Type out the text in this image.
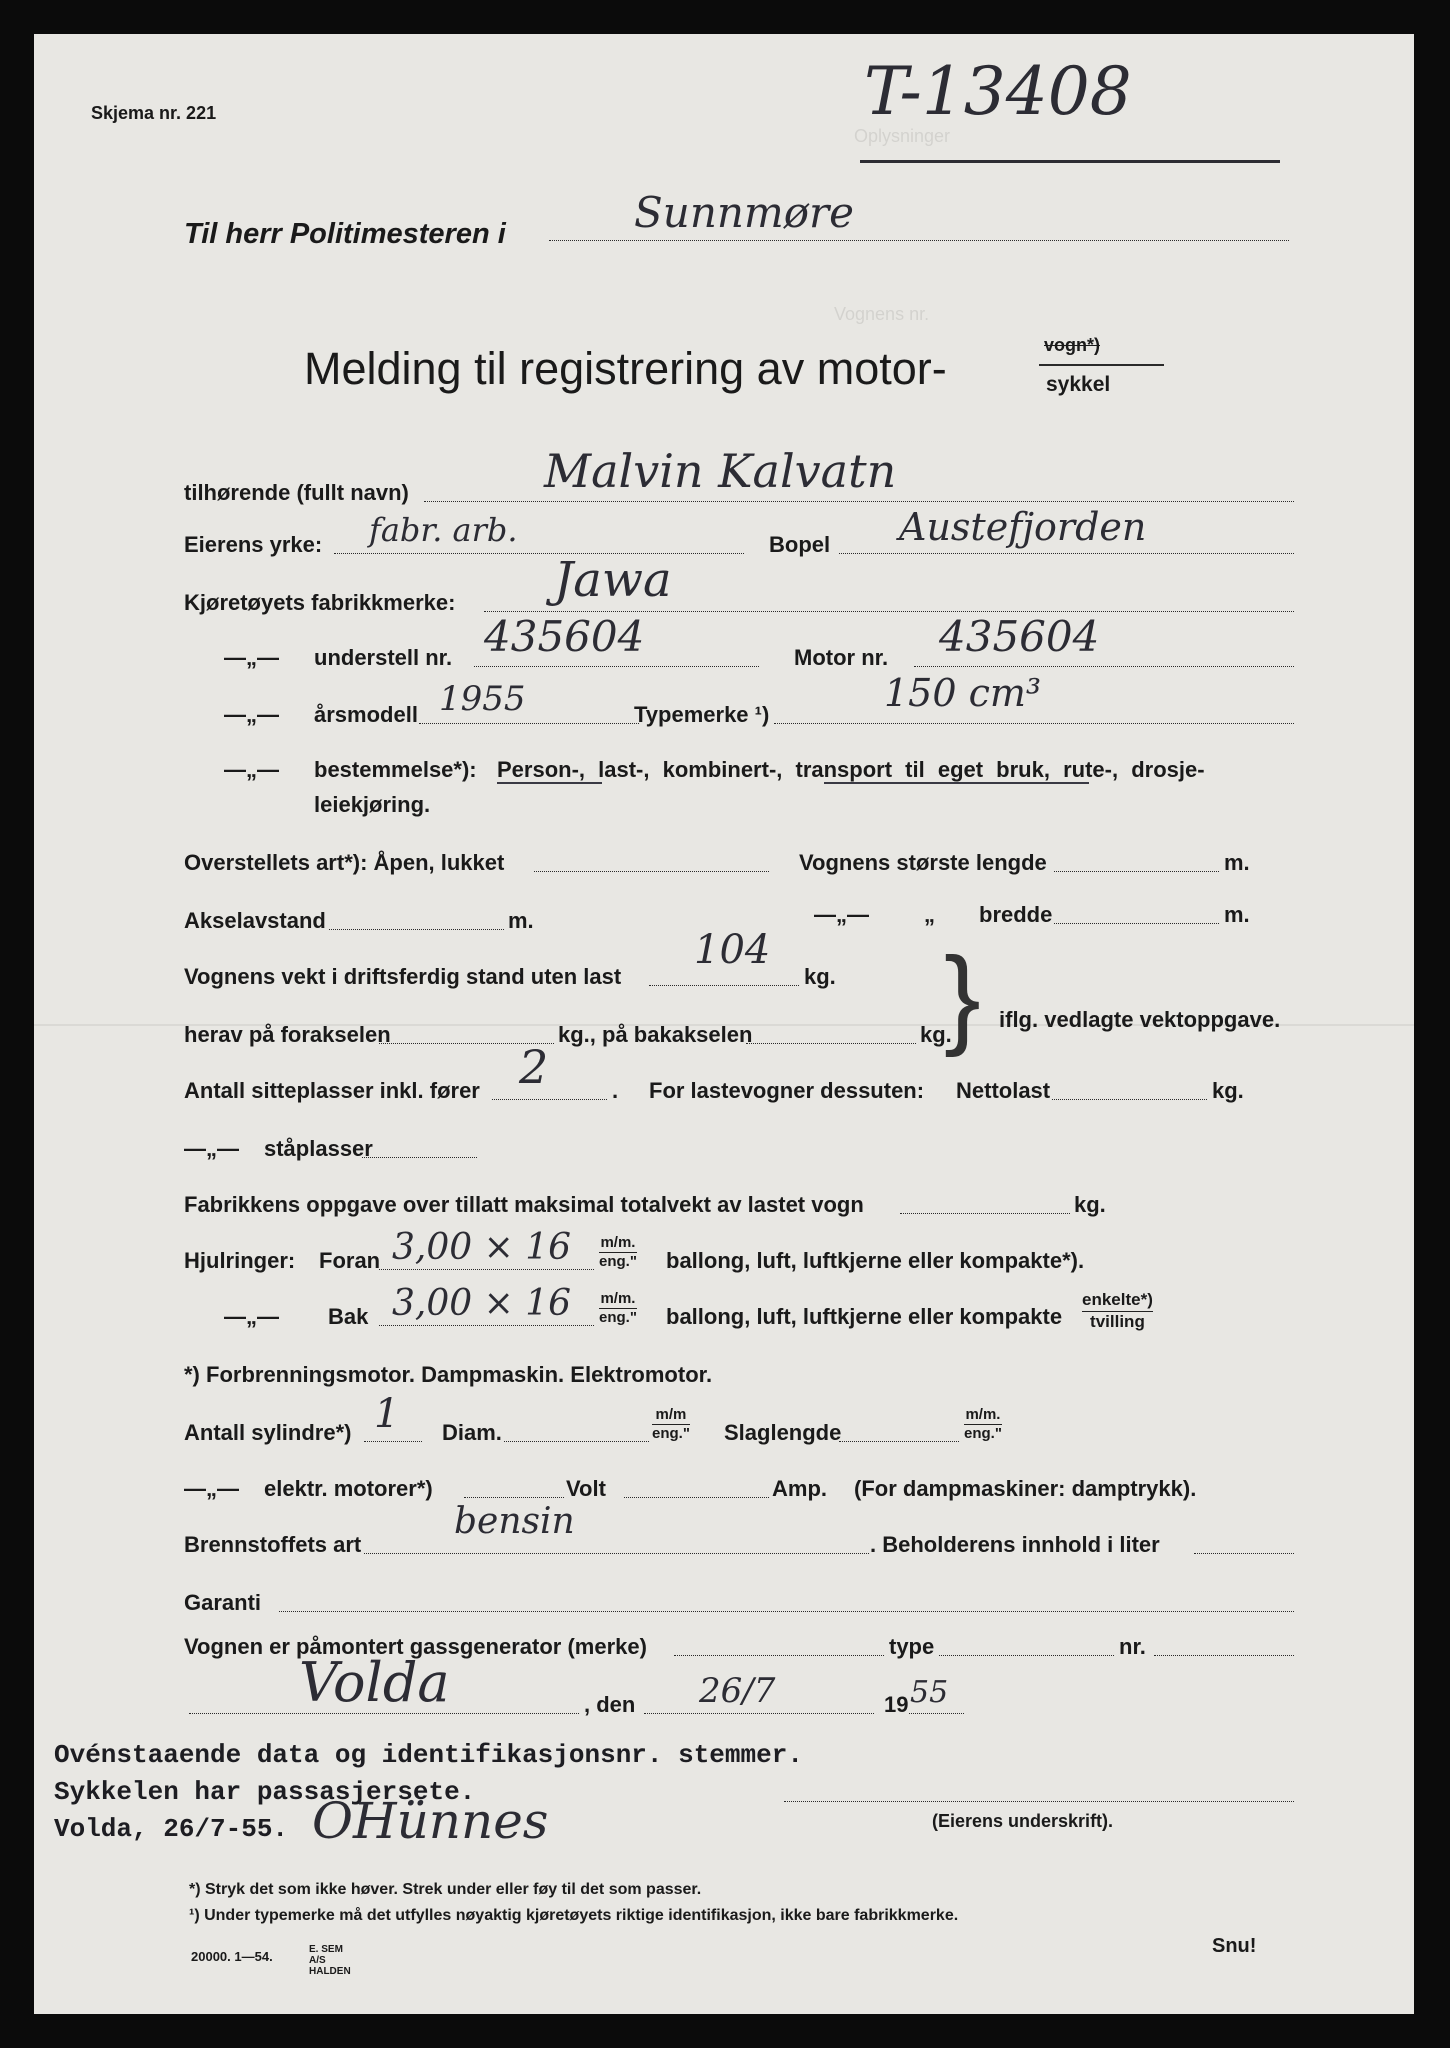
Oplysninger
Vognens nr.
Skjema nr. 221	T-13408
Til herr Politimesteren i	Sunnmøre
Melding til registrering av motor-	vogn*)
sykkel
tilhørende (fullt navn)	Malvin Kalvatn
Eierens yrke: fabr. arb.	Bopel Austefjorden
Kjøretøyets fabrikkmerke: Jawa
—„— understell nr. 435604	Motor nr. 435604
—„— årsmodell 1955	Typemerke ¹)	150 cm³
—„— bestemmelse*): Person-, last-, kombinert-, transport til eget bruk, rute-, drosje-
leiekjøring.
Overstellets art*): Åpen, lukket	Vognens største lengde	m.
Akselavstand	m.	—„—	„ bredde	m.
Vognens vekt i driftsferdig stand uten last
104
kg.
herav på forakselen	kg., på bakakselen	kg.
} iflg. vedlagte vektoppgave.
Antall sitteplasser inkl. fører 2	. For lastevogner dessuten: Nettolast	kg.
—„— ståplasser
Fabrikkens oppgave over tillatt maksimal totalvekt av lastet vogn	kg.
Hjulringer: Foran 3,00 × 16 m/m.
eng." ballong, luft, luftkjerne eller kompakte*).
—„— Bak 3,00 × 16 m/m.
eng." ballong, luft, luftkjerne eller kompakte
enkelte*)
tvilling
*) Forbrenningsmotor. Dampmaskin. Elektromotor.
Antall sylindre*) 1 Diam.
m/m
eng." Slaglengde
m/m.
eng."
—„— elektr. motorer*)	Volt	Amp. (For dampmaskiner: damptrykk).
Brennstoffets art
bensin
. Beholderens innhold i liter
Garanti
Vognen er påmontert gassgenerator (merke)	type	nr.
Volda	, den 26/7	19 55
Ovénstaaende data og identifikasjonsnr. stemmer.
Sykkelen har passasjersete.
Volda, 26/7-55. OHünnes	(Eierens underskrift).
*) Stryk det som ikke høver. Strek under eller føy til det som passer.
¹) Under typemerke må det utfylles nøyaktig kjøretøyets riktige identifikasjon, ikke bare fabrikkmerke.
20000. 1—54.	E. SEM A/S HALDEN
Snu!
